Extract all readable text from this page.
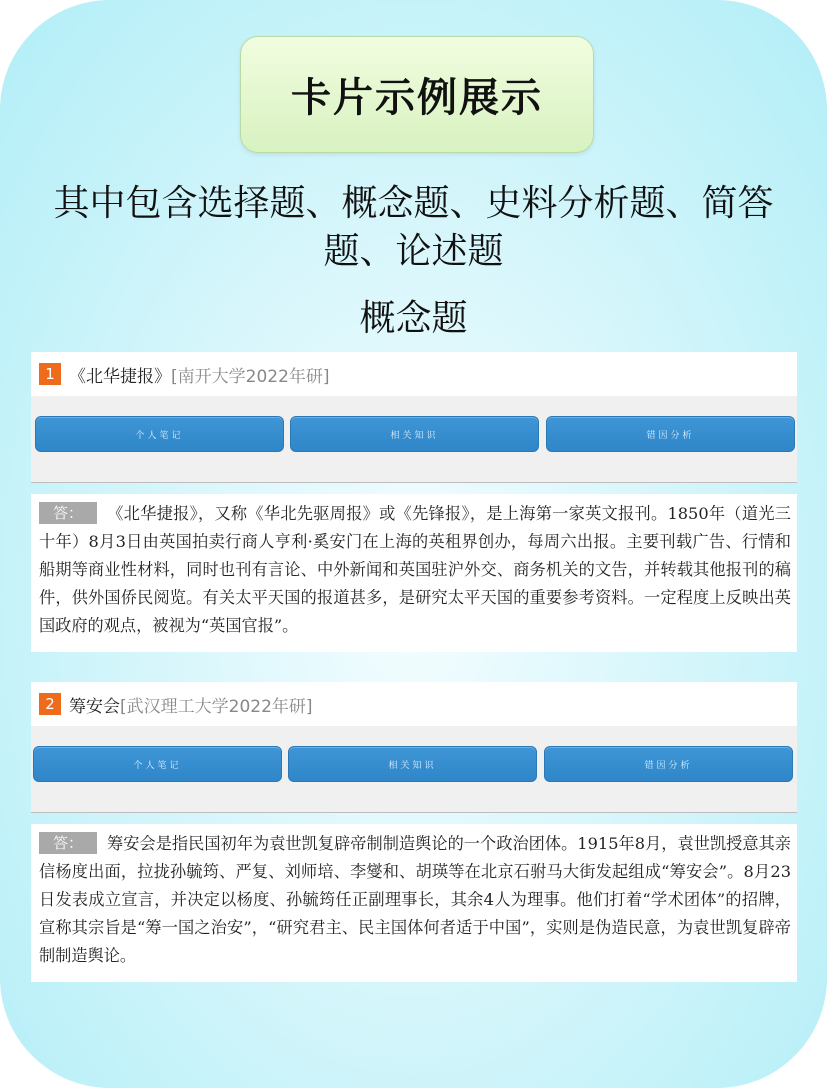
卡片示例展示
其中包含选择题、概念题、史料分析题、简答题、论述题
概念题
1 《北华捷报》 [南开大学2022年研]
个人笔记	相关知识	错因分析
答： 《北华捷报》，又称《华北先驱周报》或《先锋报》，是上海第一家英文报刊。1850年（道光三十年）8月3日由英国拍卖行商人亨利·奚安门在上海的英租界创办，每周六出报。主要刊载广告、行情和船期等商业性材料，同时也刊有言论、中外新闻和英国驻沪外交、商务机关的文告，并转载其他报刊的稿件，供外国侨民阅览。有关太平天国的报道甚多，是研究太平天国的重要参考资料。一定程度上反映出英国政府的观点，被视为“英国官报”。
2 筹安会 [武汉理工大学2022年研]
个人笔记	相关知识	错因分析
答： 筹安会是指民国初年为袁世凯复辟帝制制造舆论的一个政治团体。1915年8月，袁世凯授意其亲信杨度出面，拉拢孙毓筠、严复、刘师培、李燮和、胡瑛等在北京石驸马大街发起组成“筹安会”。8月23日发表成立宣言，并决定以杨度、孙毓筠任正副理事长，其余4人为理事。他们打着“学术团体”的招牌，宣称其宗旨是“筹一国之治安”，“研究君主、民主国体何者适于中国”，实则是伪造民意，为袁世凯复辟帝制制造舆论。
